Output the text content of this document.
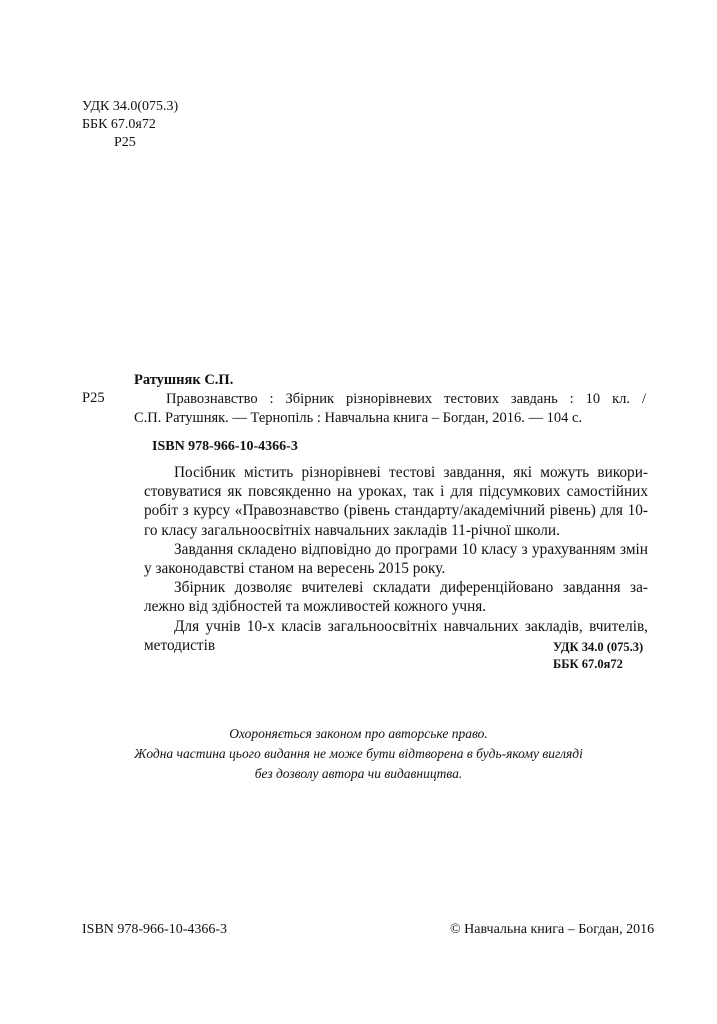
УДК 34.0(075.3)
ББК 67.0я72
Р25
Ратушняк С.П.
Р25	Правознавство : Збірник різнорівневих тестових завдань : 10 кл. /
С.П. Ратушняк. — Тернопіль : Навчальна книга – Богдан, 2016. — 104 с.
ISBN 978-966-10-4366-3

Посібник містить різнорівневі тестові завдання, які можуть використовуватися як повсякденно на уроках, так і для підсумкових самостійних робіт з курсу «Правознавство (рівень стандарту/академічний рівень) для 10-го класу загальноосвітніх навчальних закладів 11-річної школи.

Завдання складено відповідно до програми 10 класу з урахуванням змін у законодавстві станом на вересень 2015 року.

Збірник дозволяє вчителеві складати диференційовано завдання залежно від здібностей та можливостей кожного учня.

Для учнів 10-х класів загальноосвітніх навчальних закладів, вчителів, методистів	УДК 34.0 (075.3)
ББК 67.0я72
Охороняється законом про авторське право.
Жодна частина цього видання не може бути відтворена в будь-якому вигляді
без дозволу автора чи видавництва.
ISBN 978-966-10-4366-3	© Навчальна книга – Богдан, 2016
